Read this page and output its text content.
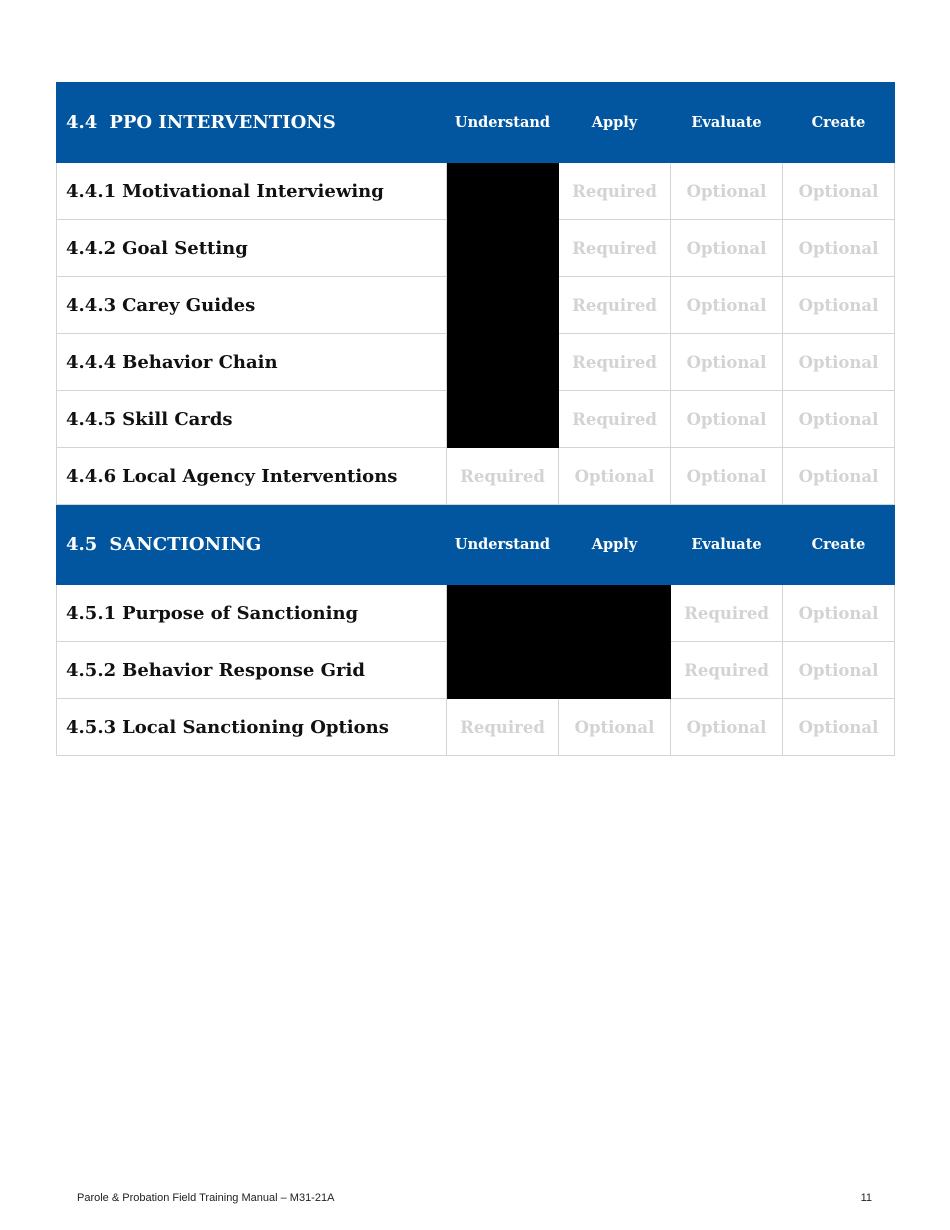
4.4 PPO INTERVENTIONS	Understand	Apply	Evaluate	Create
4.4.1 Motivational Interviewing		Required	Optional	Optional
4.4.2 Goal Setting		Required	Optional	Optional
4.4.3 Carey Guides		Required	Optional	Optional
4.4.4 Behavior Chain		Required	Optional	Optional
4.4.5 Skill Cards		Required	Optional	Optional
4.4.6 Local Agency Interventions	Required	Optional	Optional	Optional
4.5 SANCTIONING	Understand	Apply	Evaluate	Create
4.5.1 Purpose of Sanctioning			Required	Optional
4.5.2 Behavior Response Grid			Required	Optional
4.5.3 Local Sanctioning Options	Required	Optional	Optional	Optional
Parole & Probation Field Training Manual – M31-21A	11
